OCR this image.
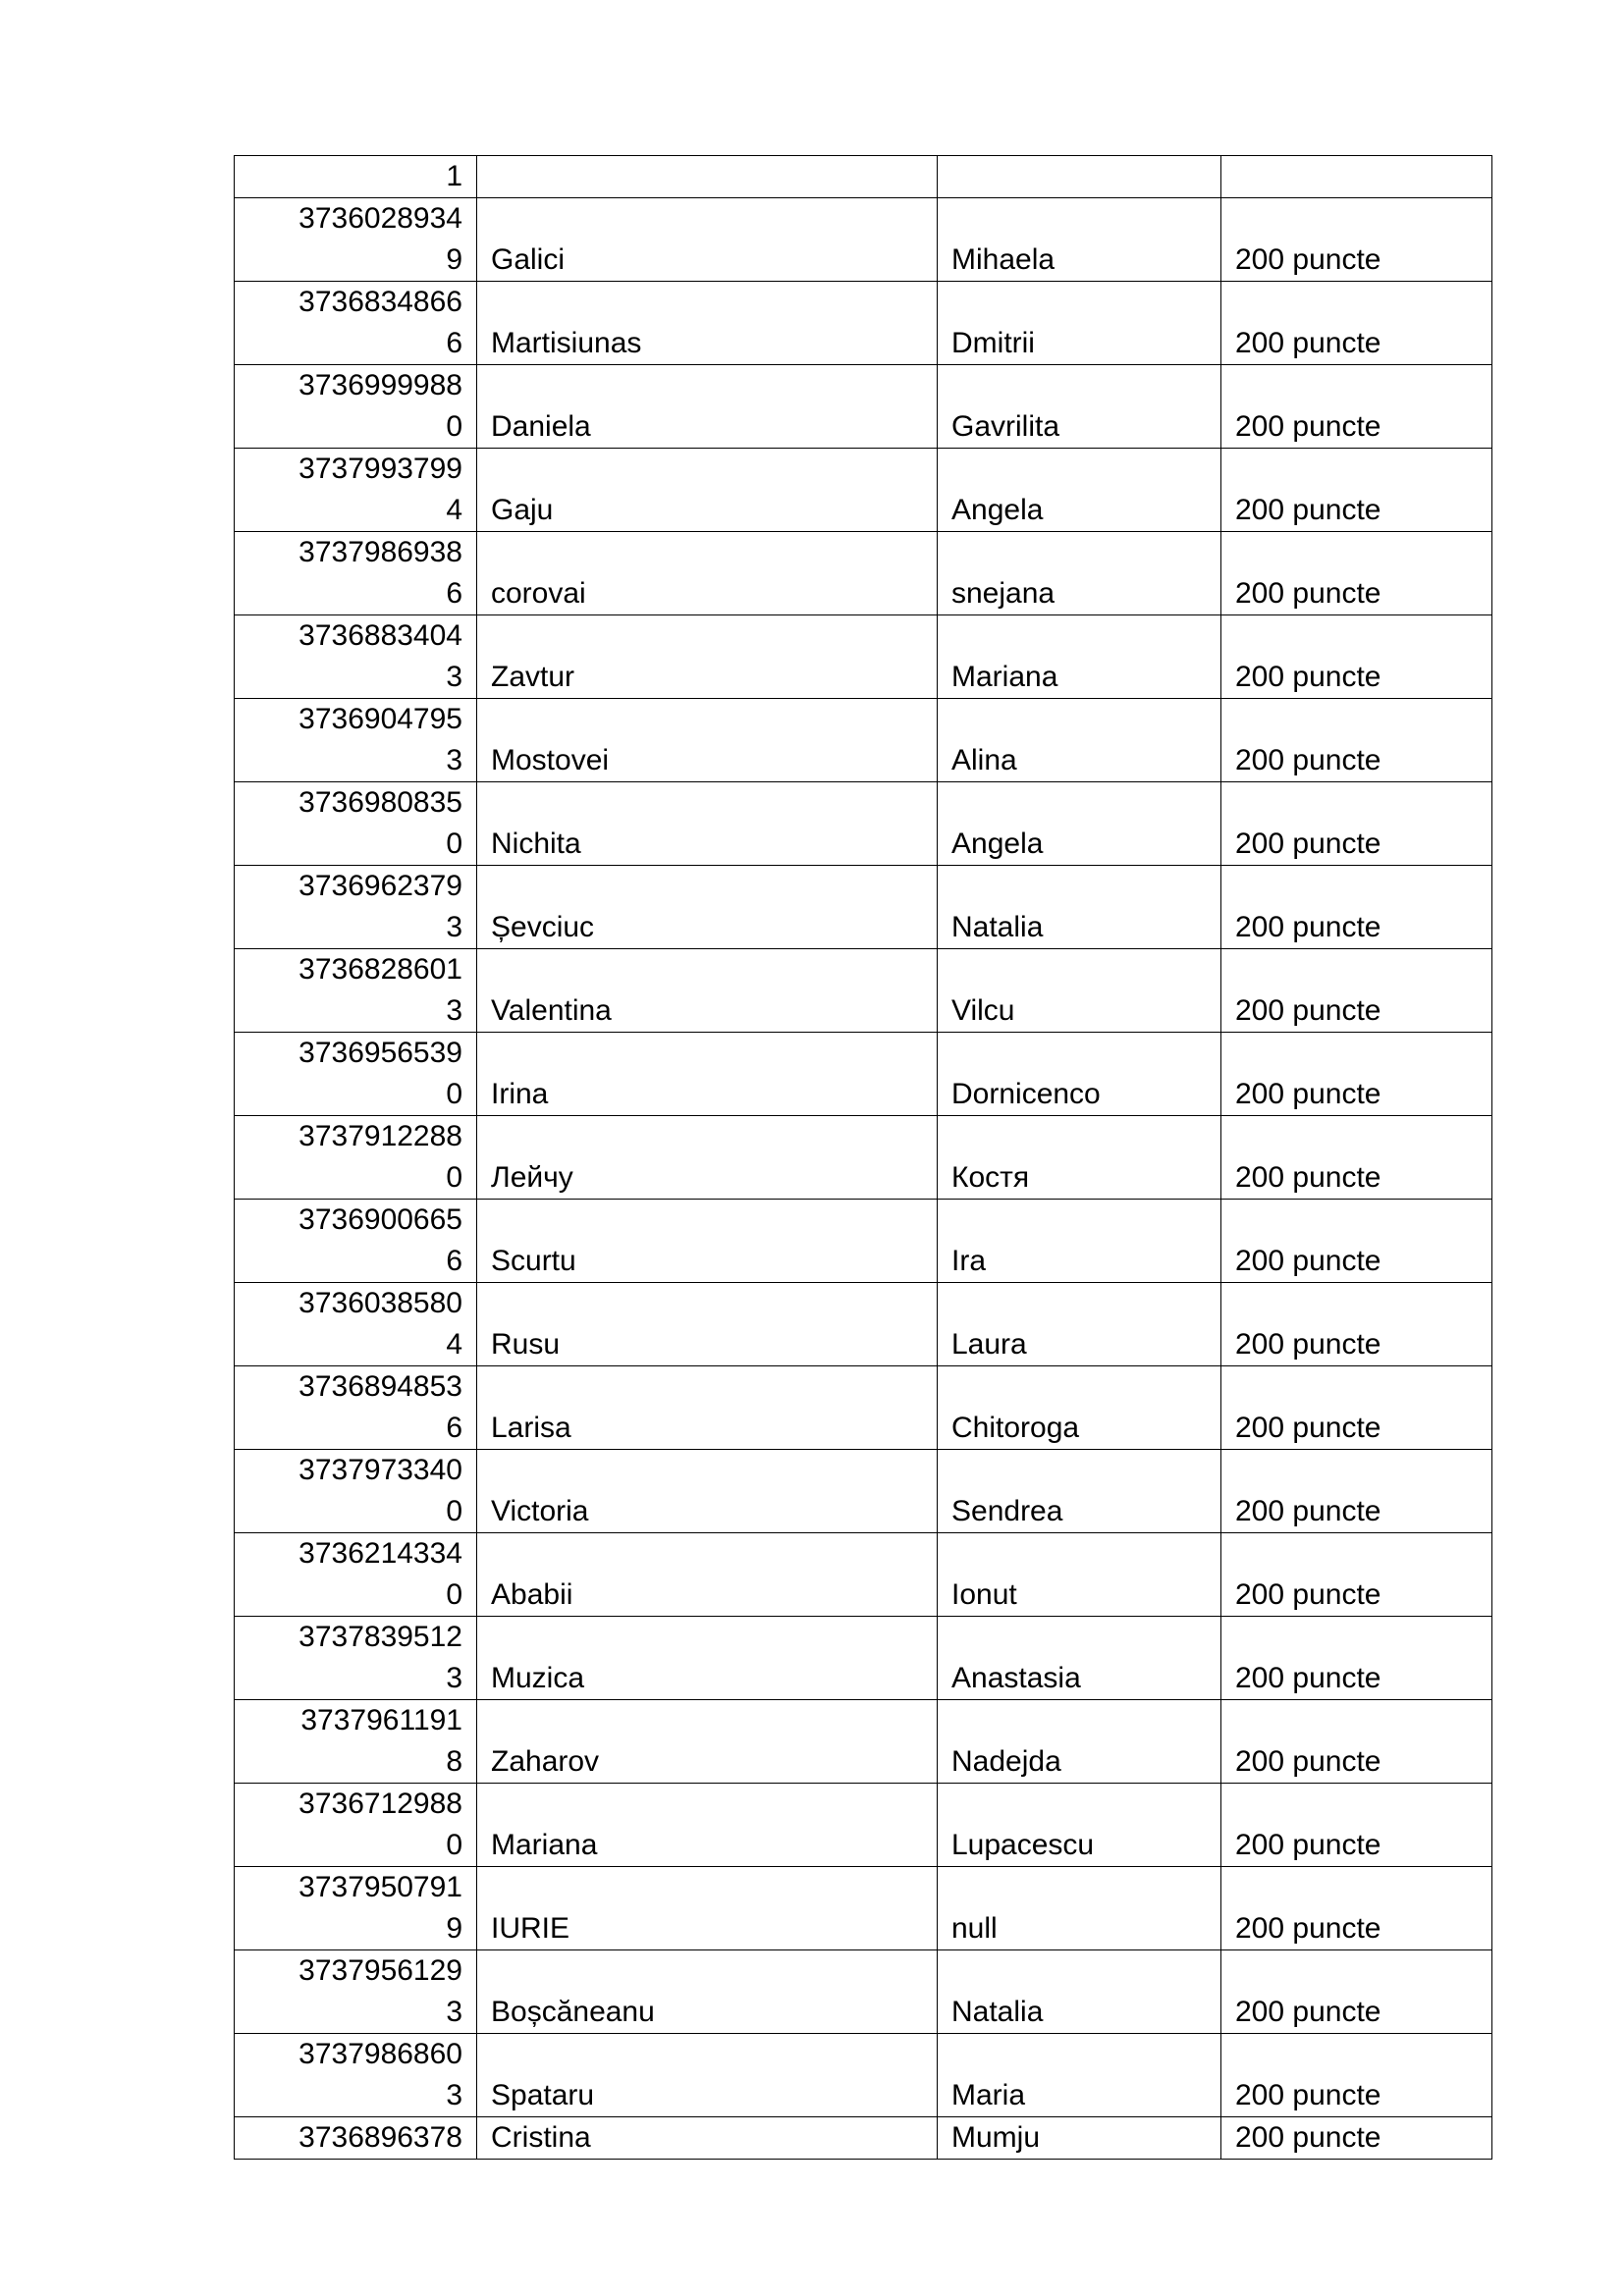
1			

3736028934
9	Galici	Mihaela	200 puncte

3736834866
6	Martisiunas	Dmitrii	200 puncte

3736999988
0	Daniela	Gavrilita	200 puncte

3737993799
4	Gaju	Angela	200 puncte

3737986938
6	corovai	snejana	200 puncte

3736883404
3	Zavtur	Mariana	200 puncte

3736904795
3	Mostovei	Alina	200 puncte

3736980835
0	Nichita	Angela	200 puncte

3736962379
3	Șevciuc	Natalia	200 puncte

3736828601
3	Valentina	Vilcu	200 puncte

3736956539
0	Irina	Dornicenco	200 puncte

3737912288
0	Лейчу	Костя	200 puncte

3736900665
6	Scurtu	Ira	200 puncte

3736038580
4	Rusu	Laura	200 puncte

3736894853
6	Larisa	Chitoroga	200 puncte

3737973340
0	Victoria	Sendrea	200 puncte

3736214334
0	Ababii	Ionut	200 puncte

3737839512
3	Muzica	Anastasia	200 puncte

3737961191
8	Zaharov	Nadejda	200 puncte

3736712988
0	Mariana	Lupacescu	200 puncte

3737950791
9	IURIE	null	200 puncte

3737956129
3	Boșcăneanu	Natalia	200 puncte

3737986860
3	Spataru	Maria	200 puncte

3736896378	Cristina	Mumju	200 puncte
